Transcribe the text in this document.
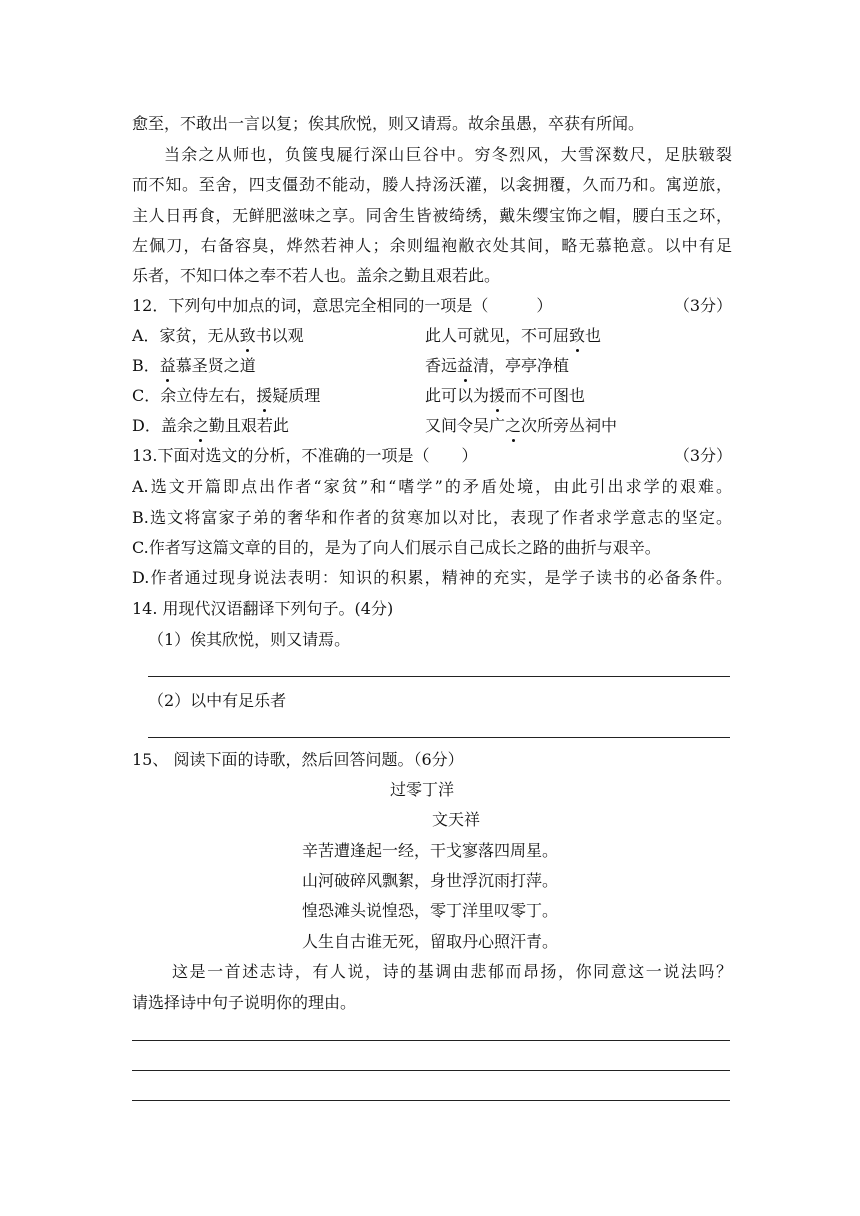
愈至，不敢出一言以复；俟其欣悦，则又请焉。故余虽愚，卒获有所闻。
当余之从师也，负箧曳屣行深山巨谷中。穷冬烈风，大雪深数尺，足肤皲裂
而不知。至舍，四支僵劲不能动，媵人持汤沃灌，以衾拥覆，久而乃和。寓逆旅，
主人日再食，无鲜肥滋味之享。同舍生皆被绮绣，戴朱缨宝饰之帽，腰白玉之环，
左佩刀，右备容臭，烨然若神人；余则缊袍敝衣处其间，略无慕艳意。以中有足
乐者，不知口体之奉不若人也。盖余之勤且艰若此。
12．下列句中加点的词，意思完全相同的一项是（　　　）	（3分）
A．家贫，无从致书以观	此人可就见，不可屈致也
B．益慕圣贤之道	香远益清，亭亭净植
C．余立侍左右，援疑质理	此可以为援而不可图也
D．盖余之勤且艰若此	又间令吴广之次所旁丛祠中
13.下面对选文的分析，不准确的一项是（　　）	（3分）
A.选文开篇即点出作者“家贫”和“嗜学”的矛盾处境，由此引出求学的艰难。
B.选文将富家子弟的奢华和作者的贫寒加以对比，表现了作者求学意志的坚定。
C.作者写这篇文章的目的，是为了向人们展示自己成长之路的曲折与艰辛。
D.作者通过现身说法表明：知识的积累，精神的充实，是学子读书的必备条件。
14. 用现代汉语翻译下列句子。(4分)
（1）俟其欣悦，则又请焉。
（2）以中有足乐者
15、 阅读下面的诗歌，然后回答问题。（6分）
过零丁洋
文天祥
辛苦遭逢起一经，干戈寥落四周星。
山河破碎风飘絮，身世浮沉雨打萍。
惶恐滩头说惶恐，零丁洋里叹零丁。
人生自古谁无死，留取丹心照汗青。
这是一首述志诗，有人说，诗的基调由悲郁而昂扬，你同意这一说法吗？
请选择诗中句子说明你的理由。
